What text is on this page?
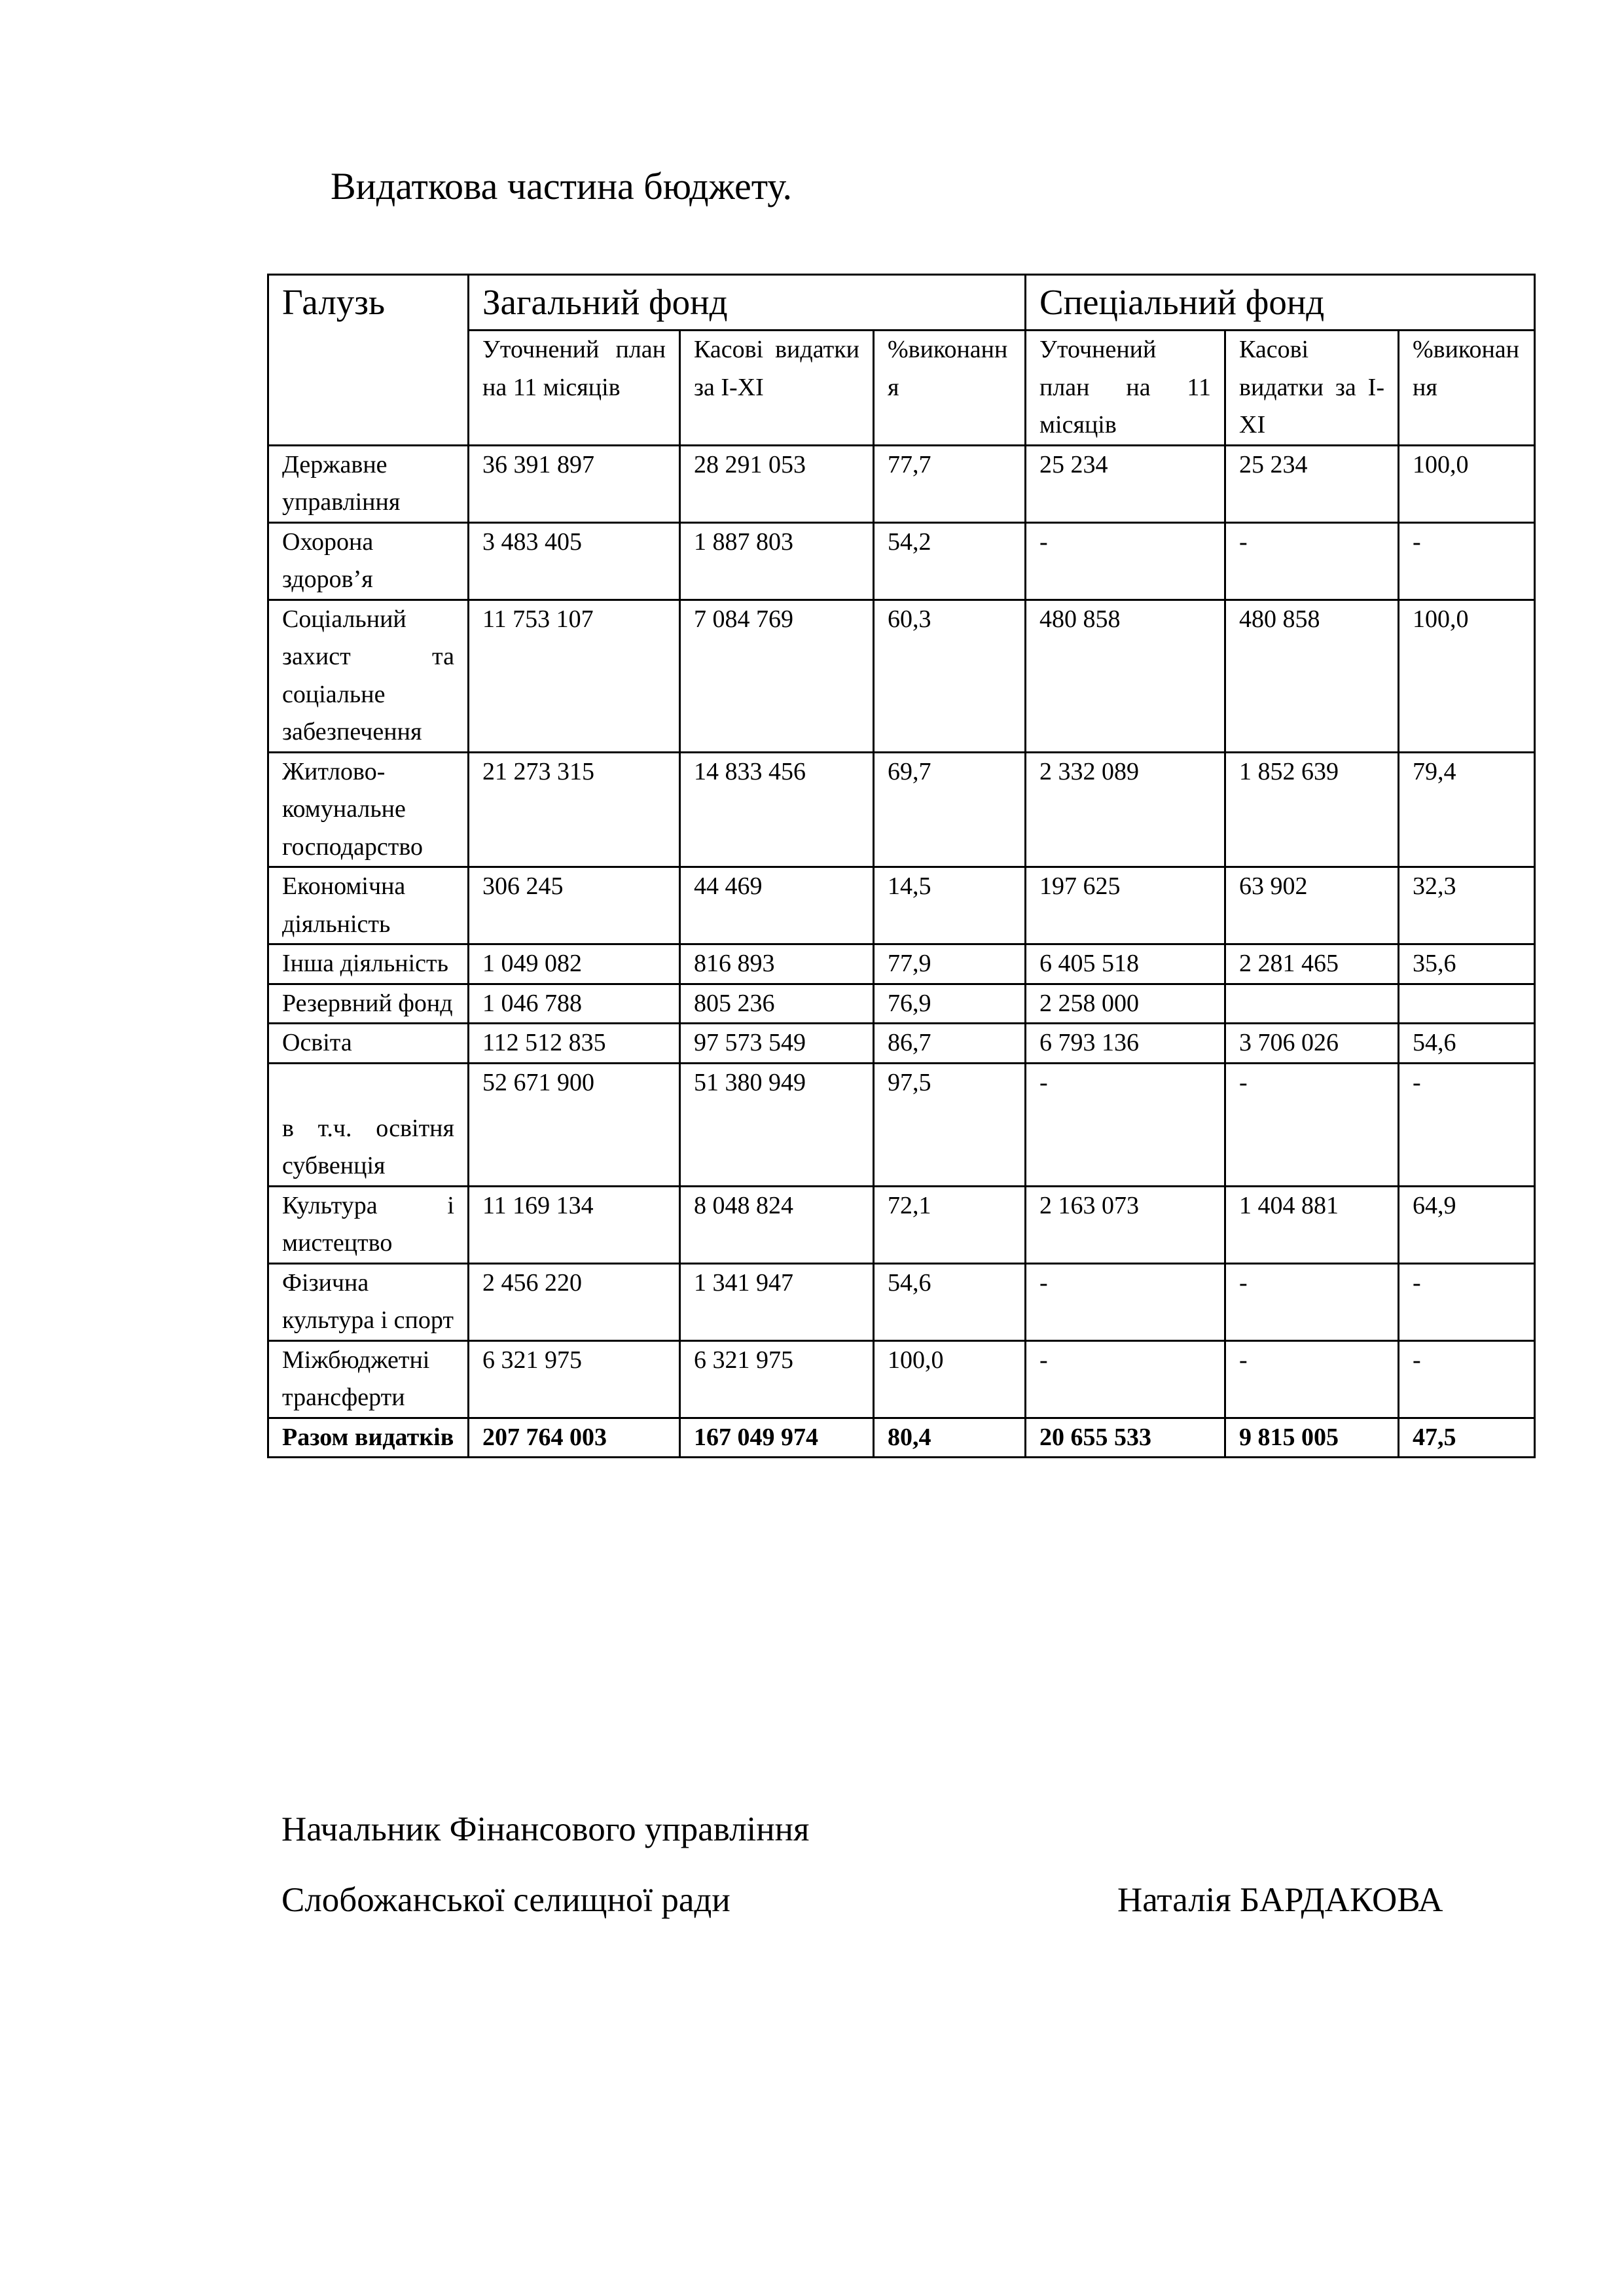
Видаткова частина бюджету.
Галузь	Загальний фонд			Спеціальний фонд		
	Уточнений план на 11 місяців	Касові видатки за I-XI	%виконання	Уточнений план на 11 місяців	Касові видатки за I-XI	%виконання
Державне управління	36 391 897	28 291 053	77,7	25 234	25 234	100,0
Охорона здоров’я	3 483 405	1 887 803	54,2	-	-	-
Соціальний захист та соціальне забезпечення	11 753 107	7 084 769	60,3	480 858	480 858	100,0
Житлово-комунальне господарство	21 273 315	14 833 456	69,7	2 332 089	1 852 639	79,4
Економічна діяльність	306 245	44 469	14,5	197 625	63 902	32,3
Інша діяльність	1 049 082	816 893	77,9	6 405 518	2 281 465	35,6
Резервний фонд	1 046 788	805 236	76,9	2 258 000		
Освіта	112 512 835	97 573 549	86,7	6 793 136	3 706 026	54,6
в т.ч. освітня субвенція	52 671 900	51 380 949	97,5	-	-	-
Культура і мистецтво	11 169 134	8 048 824	72,1	2 163 073	1 404 881	64,9
Фізична культура і спорт	2 456 220	1 341 947	54,6	-	-	-
Міжбюджетні трансферти	6 321 975	6 321 975	100,0	-	-	-
Разом видатків	207 764 003	167 049 974	80,4	20 655 533	9 815 005	47,5
Начальник Фінансового управління
Слобожанської селищної ради	Наталія БАРДАКОВА
